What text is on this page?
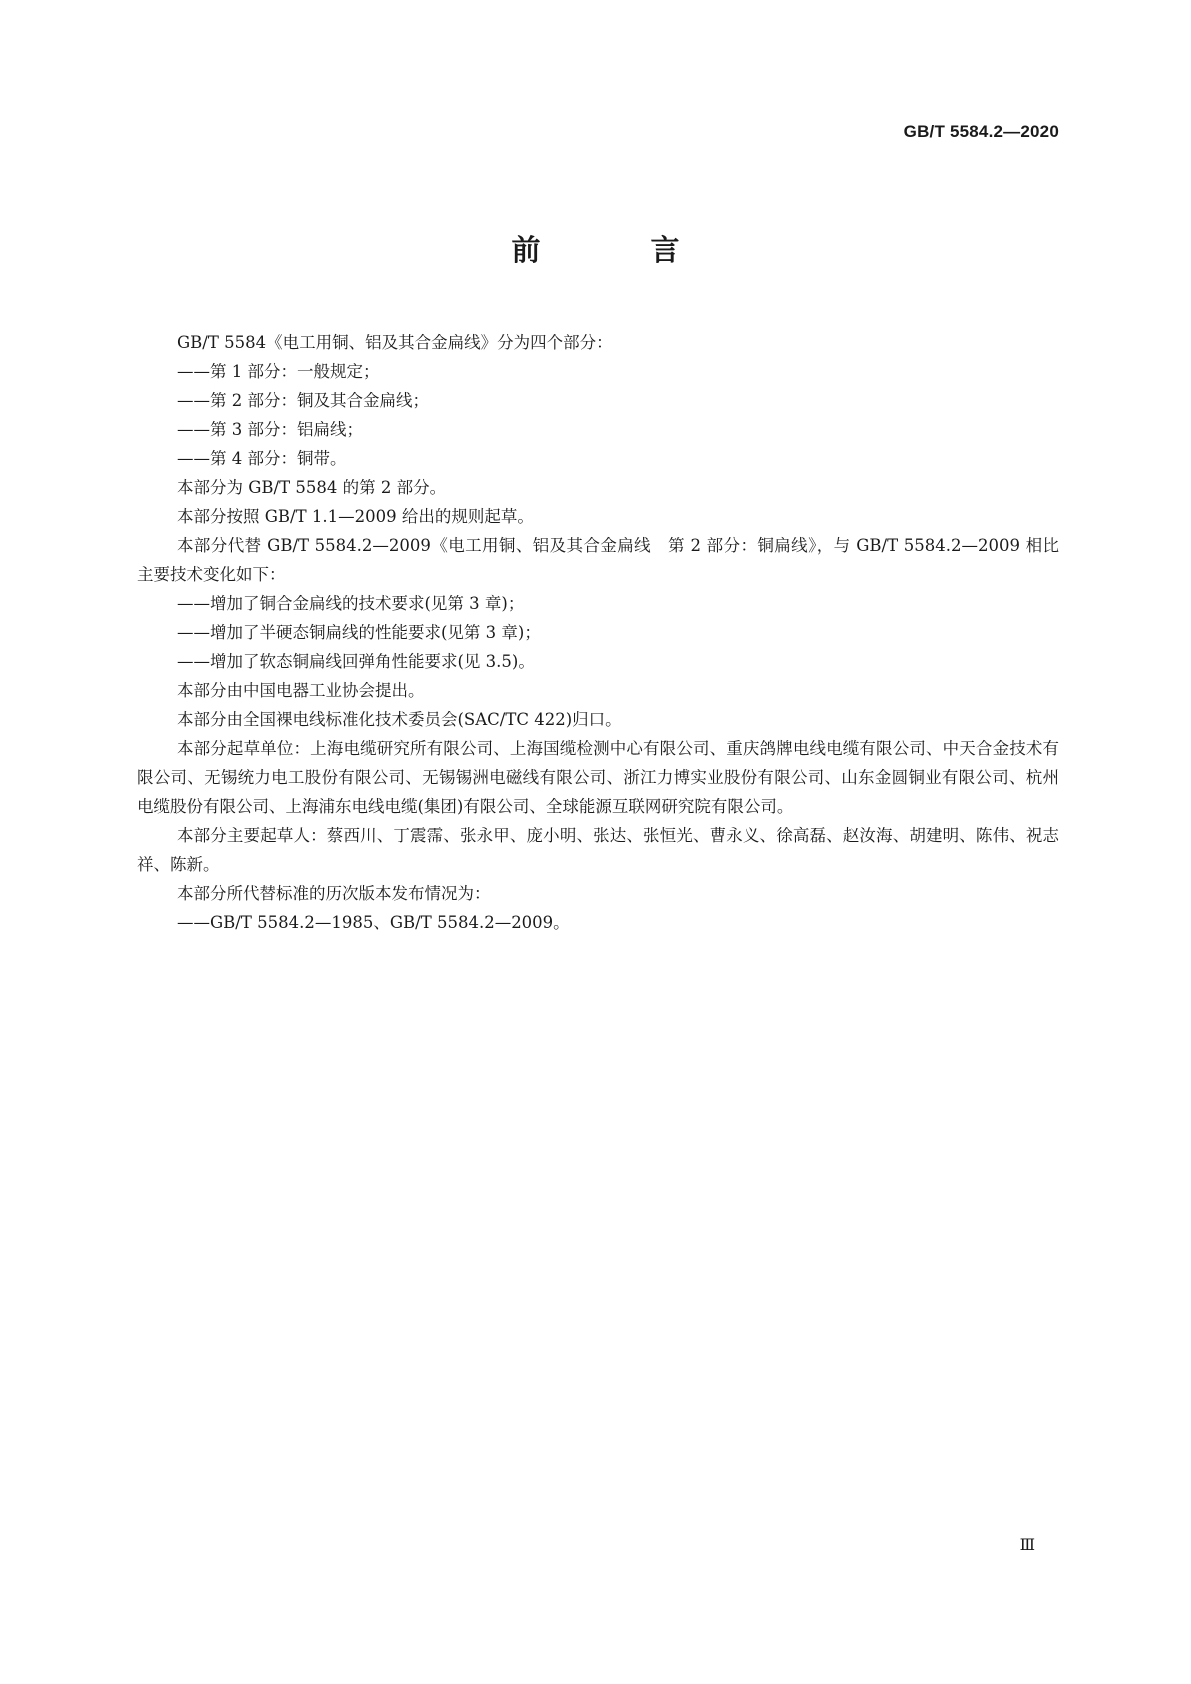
GB/T 5584.2—2020
前 言

GB/T 5584《电工用铜、铝及其合金扁线》分为四个部分：

——第 1 部分：一般规定；

——第 2 部分：铜及其合金扁线；

——第 3 部分：铝扁线；

——第 4 部分：铜带。

本部分为 GB/T 5584 的第 2 部分。

本部分按照 GB/T 1.1—2009 给出的规则起草。

本部分代替 GB/T 5584.2—2009《电工用铜、铝及其合金扁线　第 2 部分：铜扁线》，与 GB/T 5584.2—2009 相比主要技术变化如下：

——增加了铜合金扁线的技术要求(见第 3 章)；

——增加了半硬态铜扁线的性能要求(见第 3 章)；

——增加了软态铜扁线回弹角性能要求(见 3.5)。

本部分由中国电器工业协会提出。

本部分由全国裸电线标准化技术委员会(SAC/TC 422)归口。

本部分起草单位：上海电缆研究所有限公司、上海国缆检测中心有限公司、重庆鸽牌电线电缆有限公司、中天合金技术有限公司、无锡统力电工股份有限公司、无锡锡洲电磁线有限公司、浙江力博实业股份有限公司、山东金圆铜业有限公司、杭州电缆股份有限公司、上海浦东电线电缆(集团)有限公司、全球能源互联网研究院有限公司。

本部分主要起草人：蔡西川、丁震霈、张永甲、庞小明、张达、张恒光、曹永义、徐高磊、赵汝海、胡建明、陈伟、祝志祥、陈新。

本部分所代替标准的历次版本发布情况为：

——GB/T 5584.2—1985、GB/T 5584.2—2009。

Ⅲ
